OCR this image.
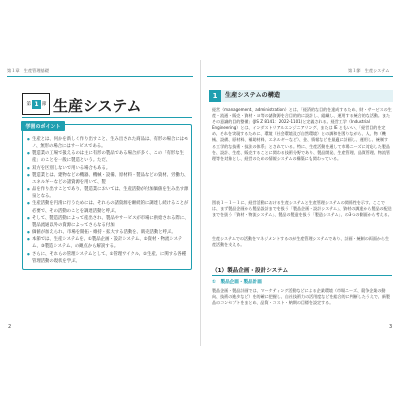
第１章　生産管理基礎	第１節　生産システム
第 1 節 生産システム
学習のポイント
● 生産とは、何かを新しく作り出すこと、生み出された商品は、有形の場合にはモノ、無形の場合にはサービスである。
● 製造業の工場で扱えるのは主に有形の製品である場合が多く、この「有形な生産」のことを一般に製造という。ただ、
● 双方を区別しないで用いる場合もある。
● 製造業とは、建物などの機器、機械・設備、原材料・製品などの資材、労働力、エネルギーなどの諸資源を用いて、製
● 品を作り出すことであり、製造業においては、生産活動が付加価値を生み出す源泉となる。
● 生産活動を円滑に行うためには、それらの諸資源を継続的に調達し続けることが必要で、その活動のことを調達活動と呼ぶ。
● そして、製造活動によって産出され、製品やサービスが市場に供給される際に、製品流通以外の資源によってさらなる付加
● 価値が加えられ、市場を開拓・維持・拡大する活動を、販売活動と呼ぶ。
● 本節では、生産システムを、①製品企画・設計システム、②資材・物流システム、③製造システム、の観点から解説する。
● さらに、それらの管理システムとして、①管理サイクル、②生産、に関する各種管理活動の現状を学ぶ。
2
1	生産システムの構造
経営（management、administration）とは、「経済的な目的を達成するため、財・サービスの生産・流通・販売・資材・ヨ等の諸資源を合目的的に設計し、組織し、運用する統合的な活動。またその意識的目的整備」(JIS Z 8141：2022-1101)と定義される。経営工学（Industrial Engineering）とは、インダストリアルエンジニアリング、または IE ともいい、「経営目的を定め、それを実現するために、環境（社会環境及び自然環境）との調和を図りながら、人、物（機械、設備、原材料、補助材料、エネルギーなど）、金、情報などを最適に計画し、運用し、統制する工学的な技術・技法の体系」とされている。特に、生産活動を通して市場ニーズに対応した製品を、設計、生産、販売することに関わる技術分野であり、製品開発、生産管理、品質管理、物流管理等を対象とし、経営のための情報システムの構築にも関わっている。
図表１－１－１に、経営活動における生産システムと生産管理システムの関係性を示す。ここでは、まず製品企画から製品設計までを扱う「製品企画・設計システム」、資材の調達から製品の配送までを扱う「資材・物流システム」、製品の製造を扱う「製造システム」、の3つの側面から考える。
生産システムでの活動をマネジメントするのが生産管理システムであり、計画・統制の両面から生産活動を支える。
（1）製品企画・設計システム
①　製品企画・製品計画
製品企画・製品計画では、マーケティング活動などによる企業環境（市場ニーズ、競争企業の動向、技術の進歩など）を的確に把握し、自社技術力の活用度などを総合的に判断したうえで、新製品のコンセプトをまとめ、品質・コスト・納期の目標を設定する。
3
